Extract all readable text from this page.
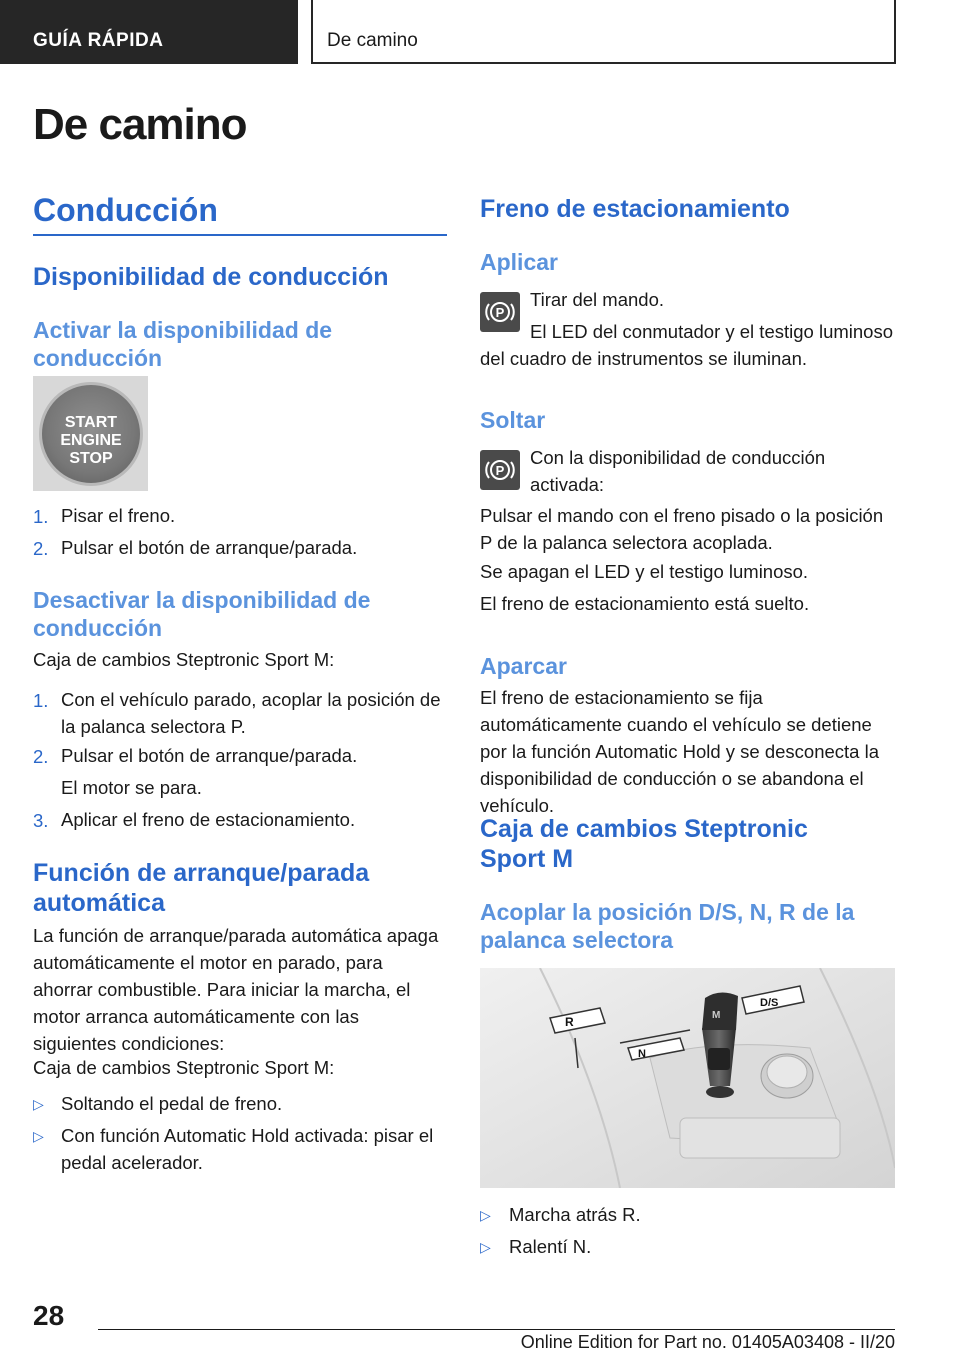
GUÍA RÁPIDA	De camino
De camino
Conducción
Disponibilidad de conducción
Activar la disponibilidad de conducción
START
ENGINE
STOP
1. Pisar el freno.
2. Pulsar el botón de arranque/parada.
Desactivar la disponibilidad de conducción
Caja de cambios Steptronic Sport M:
1. Con el vehículo parado, acoplar la posición de la palanca selectora P.
2. Pulsar el botón de arranque/parada.
El motor se para.
3. Aplicar el freno de estacionamiento.
Función de arranque/parada automática
La función de arranque/parada automática apaga automáticamente el motor en parado, para ahorrar combustible. Para iniciar la marcha, el motor arranca automáticamente con las siguientes condiciones:
Caja de cambios Steptronic Sport M:
▷ Soltando el pedal de freno.
▷ Con función Automatic Hold activada: pisar el pedal acelerador.
Freno de estacionamiento
Aplicar
P
Tirar del mando.
El LED del conmutador y el testigo luminoso del cuadro de instrumentos se iluminan.
Soltar
P
Con la disponibilidad de conducción activada:
Pulsar el mando con el freno pisado o la posición P de la palanca selectora acoplada.
Se apagan el LED y el testigo luminoso.
El freno de estacionamiento está suelto.
Aparcar
El freno de estacionamiento se fija automáticamente cuando el vehículo se detiene por la función Automatic Hold y se desconecta la disponibilidad de conducción o se abandona el vehículo.
Caja de cambios Steptronic Sport M
Acoplar la posición D/S, N, R de la palanca selectora
M
R
N
D/S
▷ Marcha atrás R.
▷ Ralentí N.
28
Online Edition for Part no. 01405A03408 - II/20
